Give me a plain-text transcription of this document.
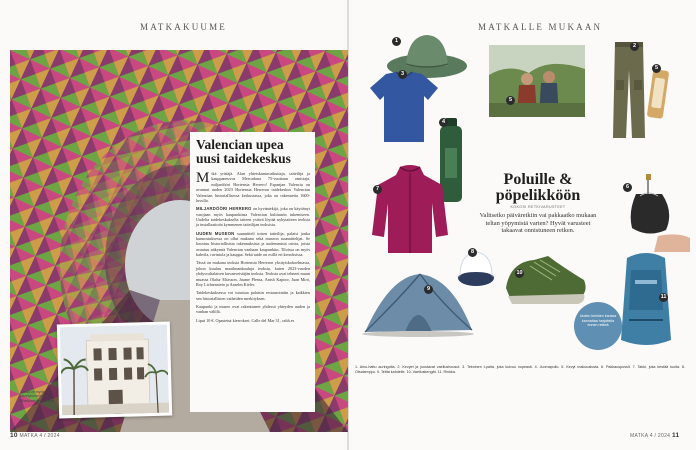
MATKAKUUME
Valencian upea
uusi taidekeskus

Mikä yrittäjä. Alan yhteiskuntavaikuttaja, taiteilija ja kauppaneuvos Mercadona 75-vuotiaan omistaja, miljardööri Hortensia Herrero! Espanjan Valencia on avannut uuden 2023 Hortensia Herreron taidekeskus Valencian Valencian historiallisessa keskustassa, joka on rakennettu 1600-luvulla.

MILJARDÖÖRI HERRERO on hyväntekijä, joka on käyttänyt varojaan myös kaupunkinsa Valencian kulttuurin tukemiseen. Uudelta taidekeskukselta taiteen ystävä löytää nykytaiteen teoksia ja installaatioita kymmenen taiteilijan teoksista.

UUDEN MUSEON suunnitteli toisen taiteilija, palatsi jonka kunnostuksessa on ollut mukana sekä museon suunnittelijat. Se koostuu historiallisista rakennuksista ja uudemmista osista, joista avautuu näkymiä Valencian vanhaan kaupunkiin. Tiloissa on myös kahvila, ravintola ja kauppa. Sekä taide on esillä eri kerroksissa.

Tässä on mukana teoksia Hortensia Herreron yksityiskokoelmasta, johon kuuluu maailmankuuluja teoksia, kuten 2023-vuoden yhdysvaltalaisen kuvanveistäjän teoksia. Teoksia ovat tehneet muun muassa Olafur Eliasson, Jaume Plensa, Anish Kapoor, Juan Miró, Roy Lichtenstein ja Anselm Kiefer.

Taidekeskuksessa voi tutustua palatsin restaurointiin ja kaikkien sen historiallisten vaiheiden merkityksen.

Kaupunki ja museo ovat rakentaneet yhdessä yhteyden uuden ja vanhan välillä.

Liput 10 €. Opastetut kierrokset. Calle del Mar 31, cahh.es

Tässä on myös kävelytunneli Olafur Eliassonin teoksessa.
10 MATKA 4 / 2024
MATKALLE MUKAAN
1
3
4
7
9
8
5
2
5
6
10
11
Poluille &
pöpelikköön
KOKOSI RETKIVARUSTEET
Valitsetko päiväretkiin vai pakkaatko mukaan teltan yöpymistä varten? Hyvät varusteet takaavat onnistuneen retken.
Uuden kenkien kanssa kannattaa harjoitella ennen retkeä
1. Aino-hattu auringolta. 2. Kevyet ja joustavat vaellushousut. 3. Tekninen t-paita, joka kuivuu nopeasti. 4. Juomapullo. 5. Kevyt makuualusta. 6. Pakkauspussit. 7. Takki, joka kestää tuulta. 8. Otsalamppu. 9. Teltta kahdelle. 10. Vaelluskengät. 11. Rinkka.
MATKA 4 / 2024 11
